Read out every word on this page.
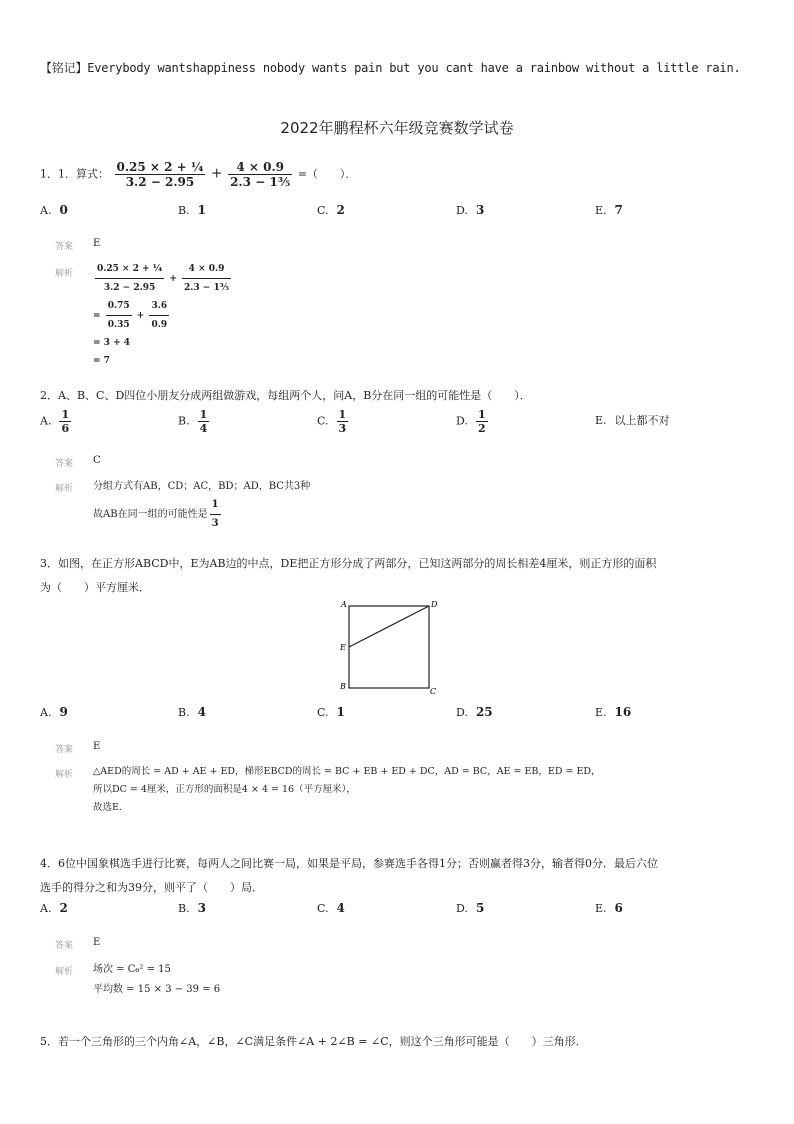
【铭记】Everybody wantshappiness nobody wants pain but you cant have a rainbow without a little rain.
2022年鹏程杯六年级竞赛数学试卷
1．1．算式： $\frac{\text{0.25 × 2 + ¼}}{3.2 - 2.95} + \frac{4 \times 0.9}{\text{2.3 − 1⅗}}$ =（　　）．
A. 0	B. 1	C. 2	D. 3	E. 7
答案 E
解析 $\frac{\text{0.25 × 2 + ¼}}{3.2 - 2.95} + \frac{4 \times 0.9}{\text{2.3 − 1⅗}}$
= $\frac{0.75}{0.35} + \frac{3.6}{0.9}$
= 3 + 4
= 7
2．A、B、C、D四位小朋友分成两组做游戏，每组两个人，问A，B分在同一组的可能性是（　　）．
A. $\frac{1}{6}$	B. $\frac{1}{4}$	C. $\frac{1}{3}$	D. $\frac{1}{2}$	E. 以上都不对
答案 C
解析 分组方式有AB，CD；AC，BD；AD，BC共3种
故AB在同一组的可能性是 $\frac{1}{3}$
3．如图，在正方形ABCD中，E为AB边的中点，DE把正方形分成了两部分，已知这两部分的周长相差4厘米，则正方形的面积
为（　　）平方厘米．
A	D
E
B
C
A. 9	B. 4	C. 1	D. 25	E. 16
答案 E
解析 △AED的周长 = AD + AE + ED，梯形EBCD的周长 = BC + EB + ED + DC，AD = BC，AE = EB，ED = ED，
所以DC = 4厘米，正方形的面积是4 × 4 = 16（平方厘米），
故选E.
4．6位中国象棋选手进行比赛，每两人之间比赛一局，如果是平局，参赛选手各得1分；否则赢者得3分，输者得0分．最后六位
选手的得分之和为39分，则平了（　　）局．
A. 2	B. 3	C. 4	D. 5	E. 6
答案 E
解析 场次 = C₆² = 15
平均数 = 15 × 3 − 39 = 6
5．若一个三角形的三个内角∠A，∠B，∠C满足条件∠A + 2∠B = ∠C，则这个三角形可能是（　　）三角形．
